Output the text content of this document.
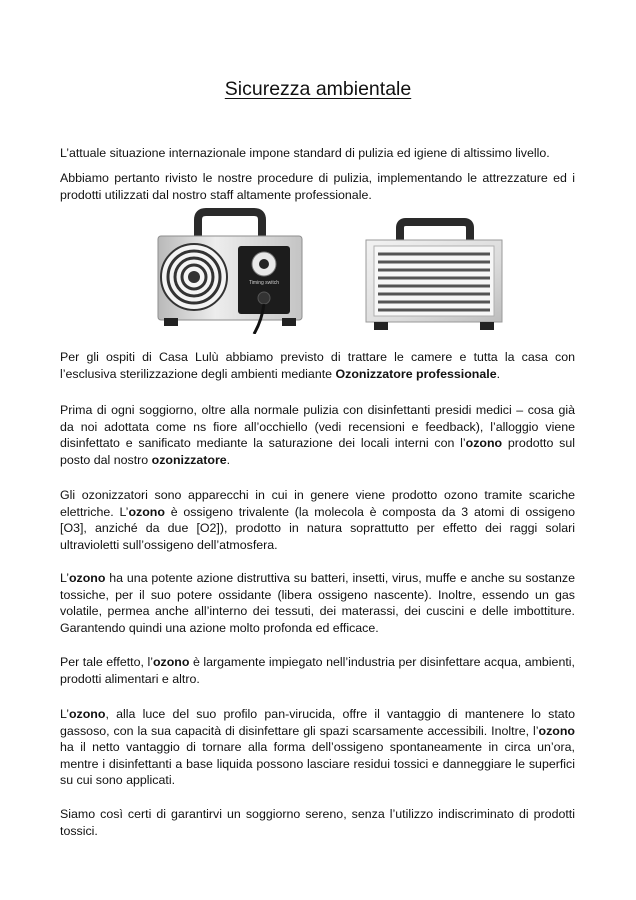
Sicurezza ambientale

L’attuale situazione internazionale impone standard di pulizia ed igiene di altissimo livello.

Abbiamo pertanto rivisto le nostre procedure di pulizia, implementando le attrezzature ed i prodotti utilizzati dal nostro staff altamente professionale.

Timing switch

Per gli ospiti di Casa Lulù abbiamo previsto di trattare le camere e tutta la casa con l’esclusiva sterilizzazione degli ambienti mediante Ozonizzatore professionale.

Prima di ogni soggiorno, oltre alla normale pulizia con disinfettanti presidi medici – cosa già da noi adottata come ns fiore all’occhiello (vedi recensioni e feedback), l’alloggio viene disinfettato e sanificato mediante la saturazione dei locali interni con l’ozono prodotto sul posto dal nostro ozonizzatore.

Gli ozonizzatori sono apparecchi in cui in genere viene prodotto ozono tramite scariche elettriche. L’ozono è ossigeno trivalente (la molecola è composta da 3 atomi di ossigeno [O3], anziché da due [O2]), prodotto in natura soprattutto per effetto dei raggi solari ultravioletti sull’ossigeno dell’atmosfera.

L’ozono ha una potente azione distruttiva su batteri, insetti, virus, muffe e anche su sostanze tossiche, per il suo potere ossidante (libera ossigeno nascente). Inoltre, essendo un gas volatile, permea anche all’interno dei tessuti, dei materassi, dei cuscini e delle imbottiture. Garantendo quindi una azione molto profonda ed efficace.

Per tale effetto, l’ozono è largamente impiegato nell’industria per disinfettare acqua, ambienti, prodotti alimentari e altro.

L’ozono, alla luce del suo profilo pan-virucida, offre il vantaggio di mantenere lo stato gassoso, con la sua capacità di disinfettare gli spazi scarsamente accessibili. Inoltre, l’ozono ha il netto vantaggio di tornare alla forma dell’ossigeno spontaneamente in circa un’ora, mentre i disinfettanti a base liquida possono lasciare residui tossici e danneggiare le superfici su cui sono applicati.

Siamo così certi di garantirvi un soggiorno sereno, senza l’utilizzo indiscriminato di prodotti tossici.
